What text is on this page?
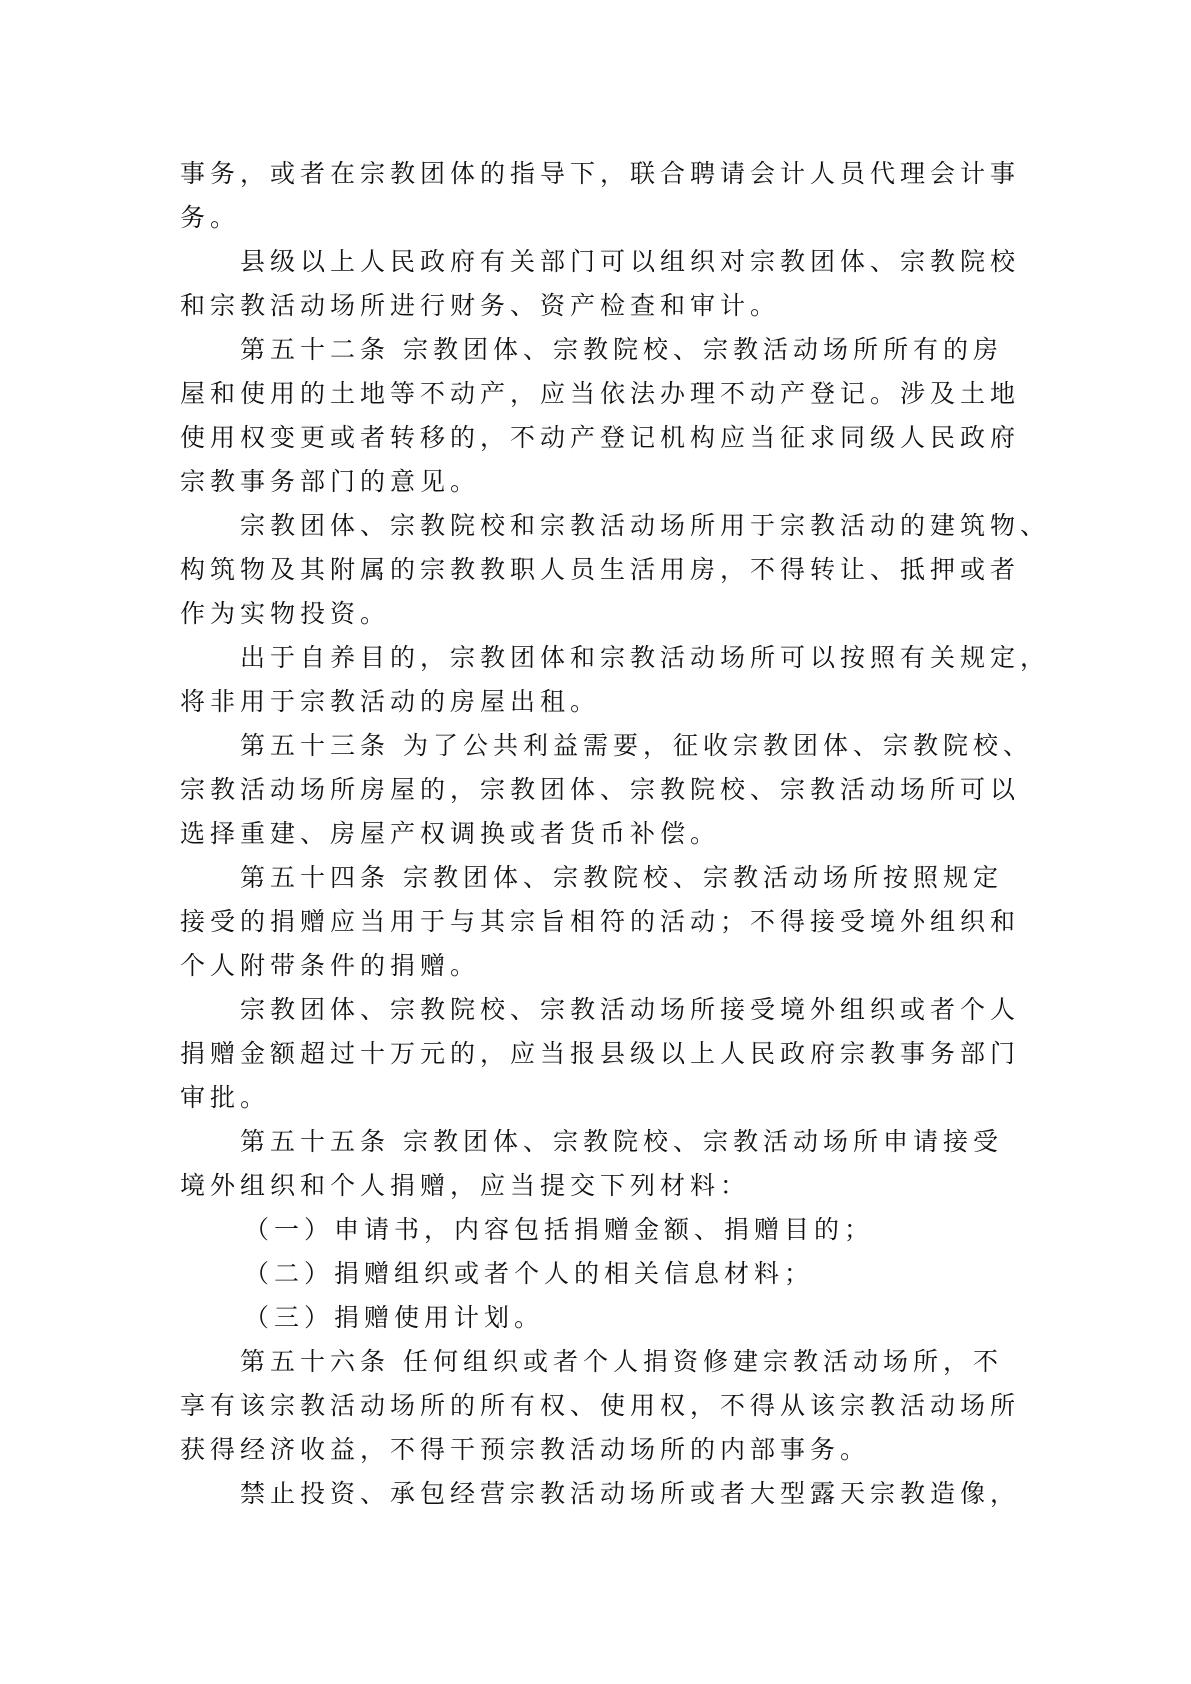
事务，或者在宗教团体的指导下，联合聘请会计人员代理会计事
务。
县级以上人民政府有关部门可以组织对宗教团体、宗教院校
和宗教活动场所进行财务、资产检查和审计。
第五十二条 宗教团体、宗教院校、宗教活动场所所有的房
屋和使用的土地等不动产，应当依法办理不动产登记。涉及土地
使用权变更或者转移的，不动产登记机构应当征求同级人民政府
宗教事务部门的意见。
宗教团体、宗教院校和宗教活动场所用于宗教活动的建筑物、
构筑物及其附属的宗教教职人员生活用房，不得转让、抵押或者
作为实物投资。
出于自养目的，宗教团体和宗教活动场所可以按照有关规定，
将非用于宗教活动的房屋出租。
第五十三条 为了公共利益需要，征收宗教团体、宗教院校、
宗教活动场所房屋的，宗教团体、宗教院校、宗教活动场所可以
选择重建、房屋产权调换或者货币补偿。
第五十四条 宗教团体、宗教院校、宗教活动场所按照规定
接受的捐赠应当用于与其宗旨相符的活动；不得接受境外组织和
个人附带条件的捐赠。
宗教团体、宗教院校、宗教活动场所接受境外组织或者个人
捐赠金额超过十万元的，应当报县级以上人民政府宗教事务部门
审批。
第五十五条 宗教团体、宗教院校、宗教活动场所申请接受
境外组织和个人捐赠，应当提交下列材料：
（一）申请书，内容包括捐赠金额、捐赠目的；
（二）捐赠组织或者个人的相关信息材料；
（三）捐赠使用计划。
第五十六条 任何组织或者个人捐资修建宗教活动场所，不
享有该宗教活动场所的所有权、使用权，不得从该宗教活动场所
获得经济收益，不得干预宗教活动场所的内部事务。
禁止投资、承包经营宗教活动场所或者大型露天宗教造像，
